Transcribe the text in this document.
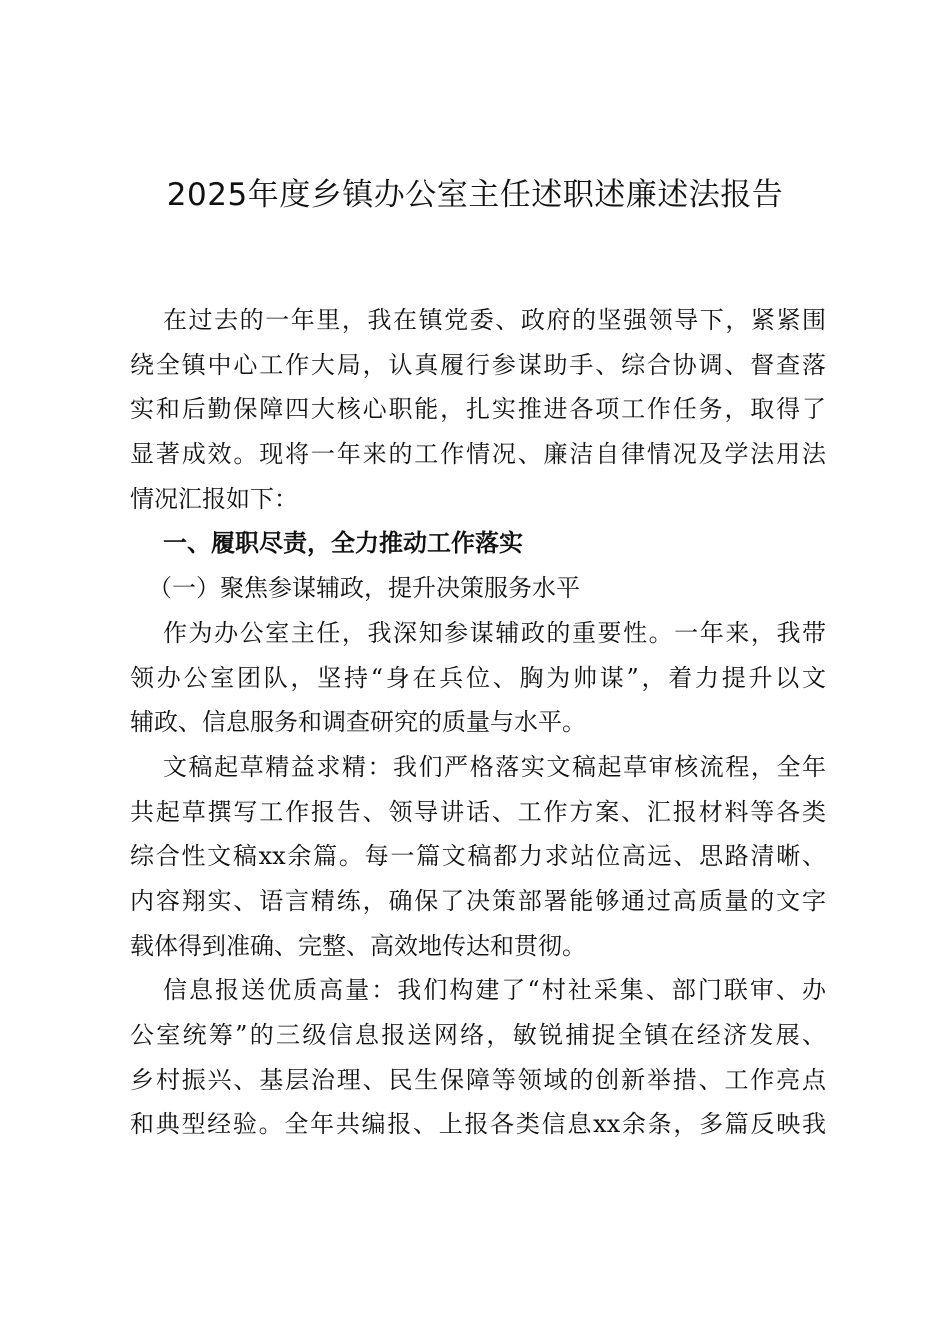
2025年度乡镇办公室主任述职述廉述法报告
在过去的一年里，我在镇党委、政府的坚强领导下，紧紧围
绕全镇中心工作大局，认真履行参谋助手、综合协调、督查落
实和后勤保障四大核心职能，扎实推进各项工作任务，取得了
显著成效。现将一年来的工作情况、廉洁自律情况及学法用法
情况汇报如下：
一、履职尽责，全力推动工作落实
（一）聚焦参谋辅政，提升决策服务水平
作为办公室主任，我深知参谋辅政的重要性。一年来，我带
领办公室团队，坚持“身在兵位、胸为帅谋”，着力提升以文
辅政、信息服务和调查研究的质量与水平。
文稿起草精益求精：我们严格落实文稿起草审核流程，全年
共起草撰写工作报告、领导讲话、工作方案、汇报材料等各类
综合性文稿xx余篇。每一篇文稿都力求站位高远、思路清晰、
内容翔实、语言精练，确保了决策部署能够通过高质量的文字
载体得到准确、完整、高效地传达和贯彻。
信息报送优质高量：我们构建了“村社采集、部门联审、办
公室统筹”的三级信息报送网络，敏锐捕捉全镇在经济发展、
乡村振兴、基层治理、民生保障等领域的创新举措、工作亮点
和典型经验。全年共编报、上报各类信息xx余条，多篇反映我
